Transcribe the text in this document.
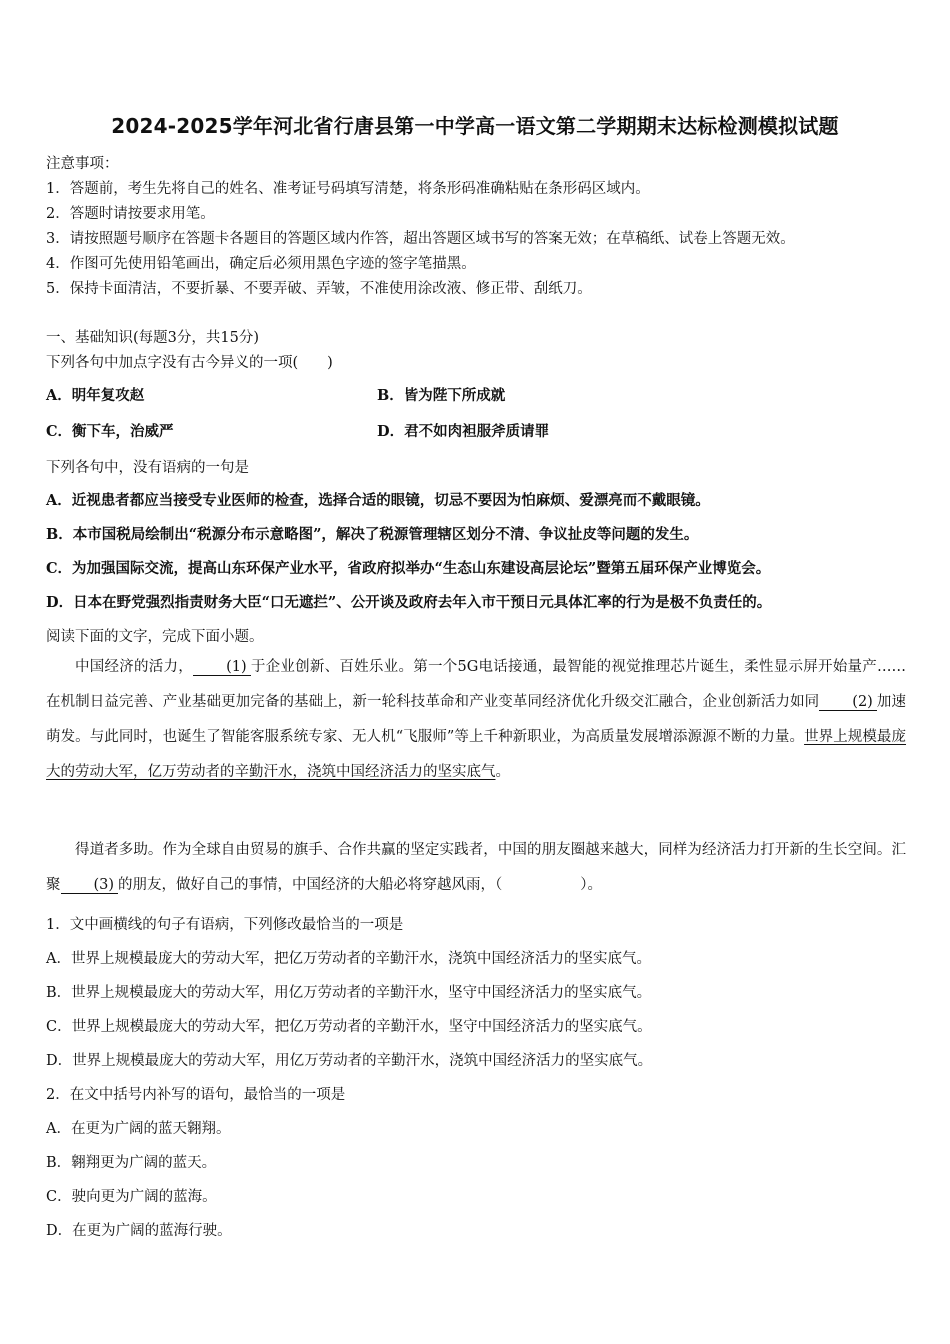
2024-2025学年河北省行唐县第一中学高一语文第二学期期末达标检测模拟试题
注意事项：
1．答题前，考生先将自己的姓名、准考证号码填写清楚，将条形码准确粘贴在条形码区域内。
2．答题时请按要求用笔。
3．请按照题号顺序在答题卡各题目的答题区域内作答，超出答题区域书写的答案无效；在草稿纸、试卷上答题无效。
4．作图可先使用铅笔画出，确定后必须用黑色字迹的签字笔描黑。
5．保持卡面清洁，不要折暴、不要弄破、弄皱，不准使用涂改液、修正带、刮纸刀。
一、基础知识(每题3分，共15分)
下列各句中加点字没有古今异义的一项(　　)
A．明年复攻赵	B．皆为陛下所成就
C．衡下车，治威严	D．君不如肉袒服斧质请罪
下列各句中，没有语病的一句是
A．近视患者都应当接受专业医师的检查，选择合适的眼镜，切忌不要因为怕麻烦、爱漂亮而不戴眼镜。
B．本市国税局绘制出“税源分布示意略图”，解决了税源管理辖区划分不清、争议扯皮等问题的发生。
C．为加强国际交流，提高山东环保产业水平，省政府拟举办“生态山东建设高层论坛”暨第五届环保产业博览会。
D．日本在野党强烈指责财务大臣“口无遮拦”、公开谈及政府去年入市干预日元具体汇率的行为是极不负责任的。
阅读下面的文字，完成下面小题。
中国经济的活力， (1) 于企业创新、百姓乐业。第一个5G电话接通，最智能的视觉推理芯片诞生，柔性显示屏开始量产……在机制日益完善、产业基础更加完备的基础上，新一轮科技革命和产业变革同经济优化升级交汇融合，企业创新活力如同 (2) 加速萌发。与此同时，也诞生了智能客服系统专家、无人机“飞服师”等上千种新职业，为高质量发展增添源源不断的力量。世界上规模最庞大的劳动大军，亿万劳动者的辛勤汗水，浇筑中国经济活力的坚实底气。
得道者多助。作为全球自由贸易的旗手、合作共赢的坚定实践者，中国的朋友圈越来越大，同样为经济活力打开新的生长空间。汇聚 (3) 的朋友，做好自己的事情，中国经济的大船必将穿越风雨，（	）。
1．文中画横线的句子有语病，下列修改最恰当的一项是
A．世界上规模最庞大的劳动大军，把亿万劳动者的辛勤汗水，浇筑中国经济活力的坚实底气。
B．世界上规模最庞大的劳动大军，用亿万劳动者的辛勤汗水，坚守中国经济活力的坚实底气。
C．世界上规模最庞大的劳动大军，把亿万劳动者的辛勤汗水，坚守中国经济活力的坚实底气。
D．世界上规模最庞大的劳动大军，用亿万劳动者的辛勤汗水，浇筑中国经济活力的坚实底气。
2．在文中括号内补写的语句，最恰当的一项是
A．在更为广阔的蓝天翱翔。
B．翱翔更为广阔的蓝天。
C．驶向更为广阔的蓝海。
D．在更为广阔的蓝海行驶。
